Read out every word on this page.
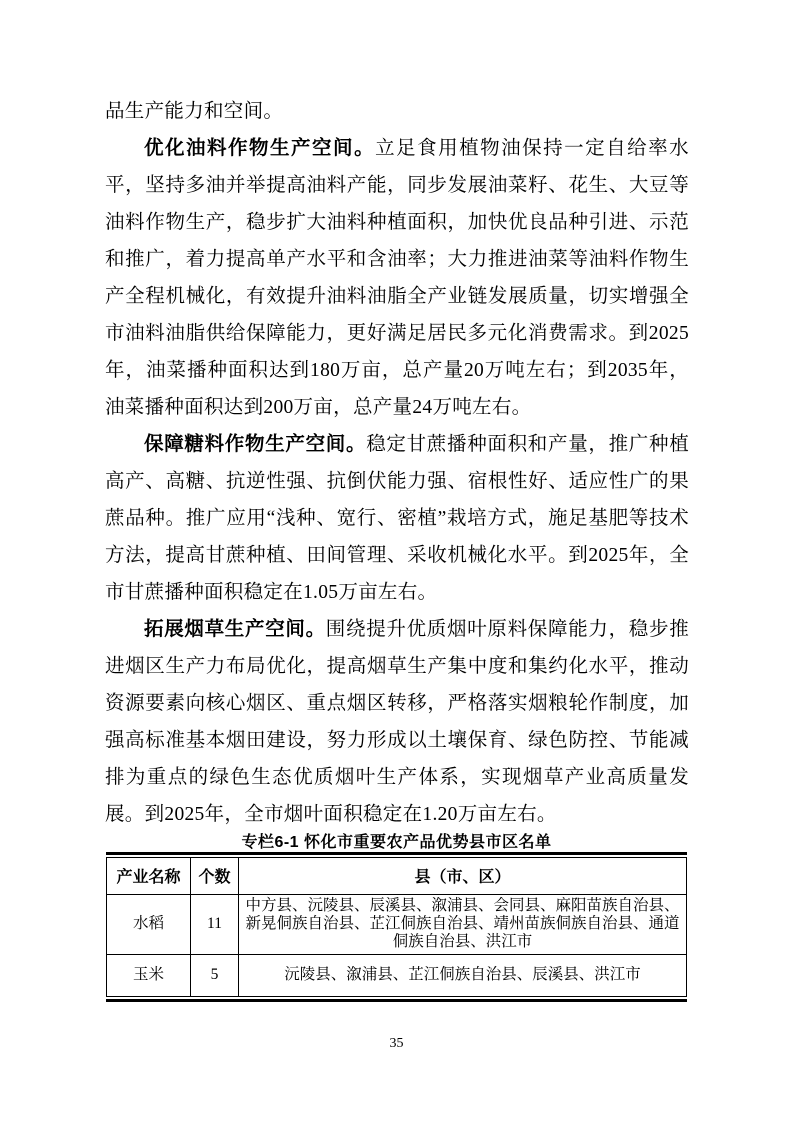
品生产能力和空间。

优化油料作物生产空间。立足食用植物油保持一定自给率水平，坚持多油并举提高油料产能，同步发展油菜籽、花生、大豆等油料作物生产，稳步扩大油料种植面积，加快优良品种引进、示范和推广，着力提高单产水平和含油率；大力推进油菜等油料作物生产全程机械化，有效提升油料油脂全产业链发展质量，切实增强全市油料油脂供给保障能力，更好满足居民多元化消费需求。到2025年，油菜播种面积达到180万亩，总产量20万吨左右；到2035年，油菜播种面积达到200万亩，总产量24万吨左右。

保障糖料作物生产空间。稳定甘蔗播种面积和产量，推广种植高产、高糖、抗逆性强、抗倒伏能力强、宿根性好、适应性广的果蔗品种。推广应用“浅种、宽行、密植”栽培方式，施足基肥等技术方法，提高甘蔗种植、田间管理、采收机械化水平。到2025年，全市甘蔗播种面积稳定在1.05万亩左右。

拓展烟草生产空间。围绕提升优质烟叶原料保障能力，稳步推进烟区生产力布局优化，提高烟草生产集中度和集约化水平，推动资源要素向核心烟区、重点烟区转移，严格落实烟粮轮作制度，加强高标准基本烟田建设，努力形成以土壤保育、绿色防控、节能减排为重点的绿色生态优质烟叶生产体系，实现烟草产业高质量发展。到2025年，全市烟叶面积稳定在1.20万亩左右。

专栏6-1 怀化市重要农产品优势县市区名单
产业名称	个数	县（市、区）
水稻	11	中方县、沅陵县、辰溪县、溆浦县、会同县、麻阳苗族自治县、新晃侗族自治县、芷江侗族自治县、靖州苗族侗族自治县、通道侗族自治县、洪江市
玉米	5	沅陵县、溆浦县、芷江侗族自治县、辰溪县、洪江市
35
